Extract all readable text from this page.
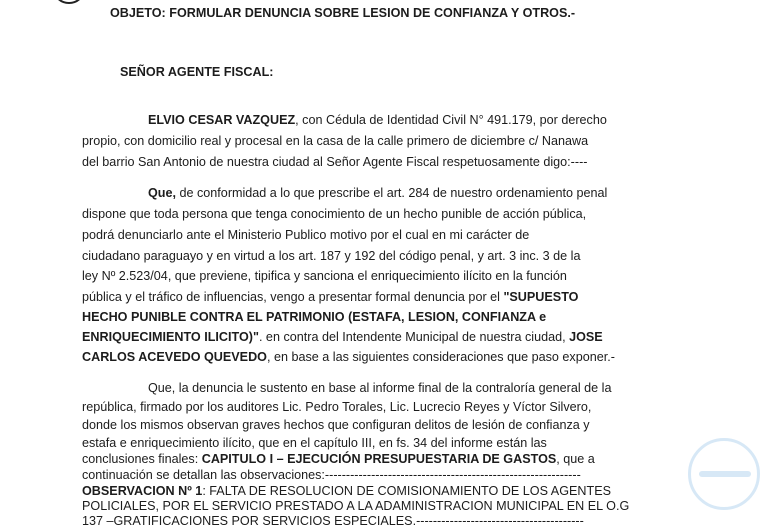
OBJETO: FORMULAR DENUNCIA SOBRE LESION DE CONFIANZA Y OTROS.-
SEÑOR AGENTE FISCAL:
ELVIO CESAR VAZQUEZ, con Cédula de Identidad Civil N° 491.179, por derecho
propio, con domicilio real y procesal en la casa de la calle primero de diciembre c/ Nanawa
del barrio San Antonio de nuestra ciudad al Señor Agente Fiscal respetuosamente digo:----
Que, de conformidad a lo que prescribe el art. 284 de nuestro ordenamiento penal
dispone que toda persona que tenga conocimiento de un hecho punible de acción pública,
podrá denunciarlo ante el Ministerio Publico motivo por el cual en mi carácter de
ciudadano paraguayo y en virtud a los art. 187 y 192 del código penal, y art. 3 inc. 3 de la
ley Nº 2.523/04, que previene, tipifica y sanciona el enriquecimiento ilícito en la función
pública y el tráfico de influencias, vengo a presentar formal denuncia por el "SUPUESTO
HECHO PUNIBLE CONTRA EL PATRIMONIO (ESTAFA, LESION, CONFIANZA e
ENRIQUECIMIENTO ILICITO)". en contra del Intendente Municipal de nuestra ciudad, JOSE
CARLOS ACEVEDO QUEVEDO, en base a las siguientes consideraciones que paso exponer.-
Que, la denuncia le sustento en base al informe final de la contraloría general de la
república, firmado por los auditores Lic. Pedro Torales, Lic. Lucrecio Reyes y Víctor Silvero,
donde los mismos observan graves hechos que configuran delitos de lesión de confianza y
estafa e enriquecimiento ilícito, que en el capítulo III, en fs. 34 del informe están las
conclusiones finales: CAPITULO I – EJECUCIÓN PRESUPUESTARIA DE GASTOS, que a
continuación se detallan las observaciones:-------------------------------------------------------------
OBSERVACION Nº 1: FALTA DE RESOLUCION DE COMISIONAMIENTO DE LOS AGENTES
POLICIALES, POR EL SERVICIO PRESTADO A LA ADAMINISTRACION MUNICIPAL EN EL O.G
137 –GRATIFICACIONES POR SERVICIOS ESPECIALES.----------------------------------------
